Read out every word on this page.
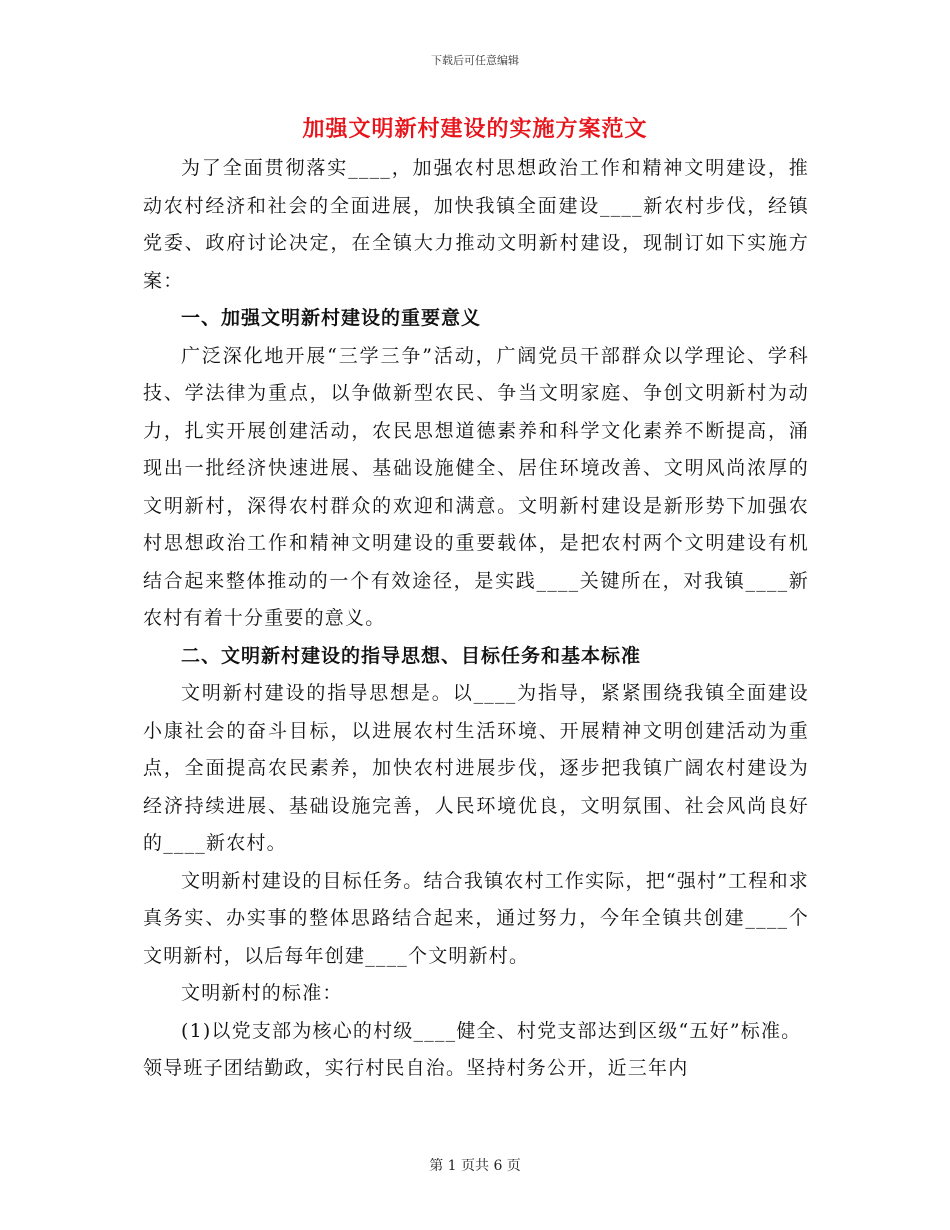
下载后可任意编辑
加强文明新村建设的实施方案范文

为了全面贯彻落实____，加强农村思想政治工作和精神文明建设，推动农村经济和社会的全面进展，加快我镇全面建设____新农村步伐，经镇党委、政府讨论决定，在全镇大力推动文明新村建设，现制订如下实施方案：

一、加强文明新村建设的重要意义

广泛深化地开展“三学三争”活动，广阔党员干部群众以学理论、学科技、学法律为重点，以争做新型农民、争当文明家庭、争创文明新村为动力，扎实开展创建活动，农民思想道德素养和科学文化素养不断提高，涌现出一批经济快速进展、基础设施健全、居住环境改善、文明风尚浓厚的文明新村，深得农村群众的欢迎和满意。文明新村建设是新形势下加强农村思想政治工作和精神文明建设的重要载体，是把农村两个文明建设有机结合起来整体推动的一个有效途径，是实践____关键所在，对我镇____新农村有着十分重要的意义。

二、文明新村建设的指导思想、目标任务和基本标准

文明新村建设的指导思想是。以____为指导，紧紧围绕我镇全面建设小康社会的奋斗目标，以进展农村生活环境、开展精神文明创建活动为重点，全面提高农民素养，加快农村进展步伐，逐步把我镇广阔农村建设为经济持续进展、基础设施完善，人民环境优良，文明氛围、社会风尚良好的____新农村。

文明新村建设的目标任务。结合我镇农村工作实际，把“强村”工程和求真务实、办实事的整体思路结合起来，通过努力，今年全镇共创建____个文明新村，以后每年创建____个文明新村。

文明新村的标准：

(1)以党支部为核心的村级____健全、村党支部达到区级“五好”标准。领导班子团结勤政，实行村民自治。坚持村务公开，近三年内

第 1 页共 6 页
